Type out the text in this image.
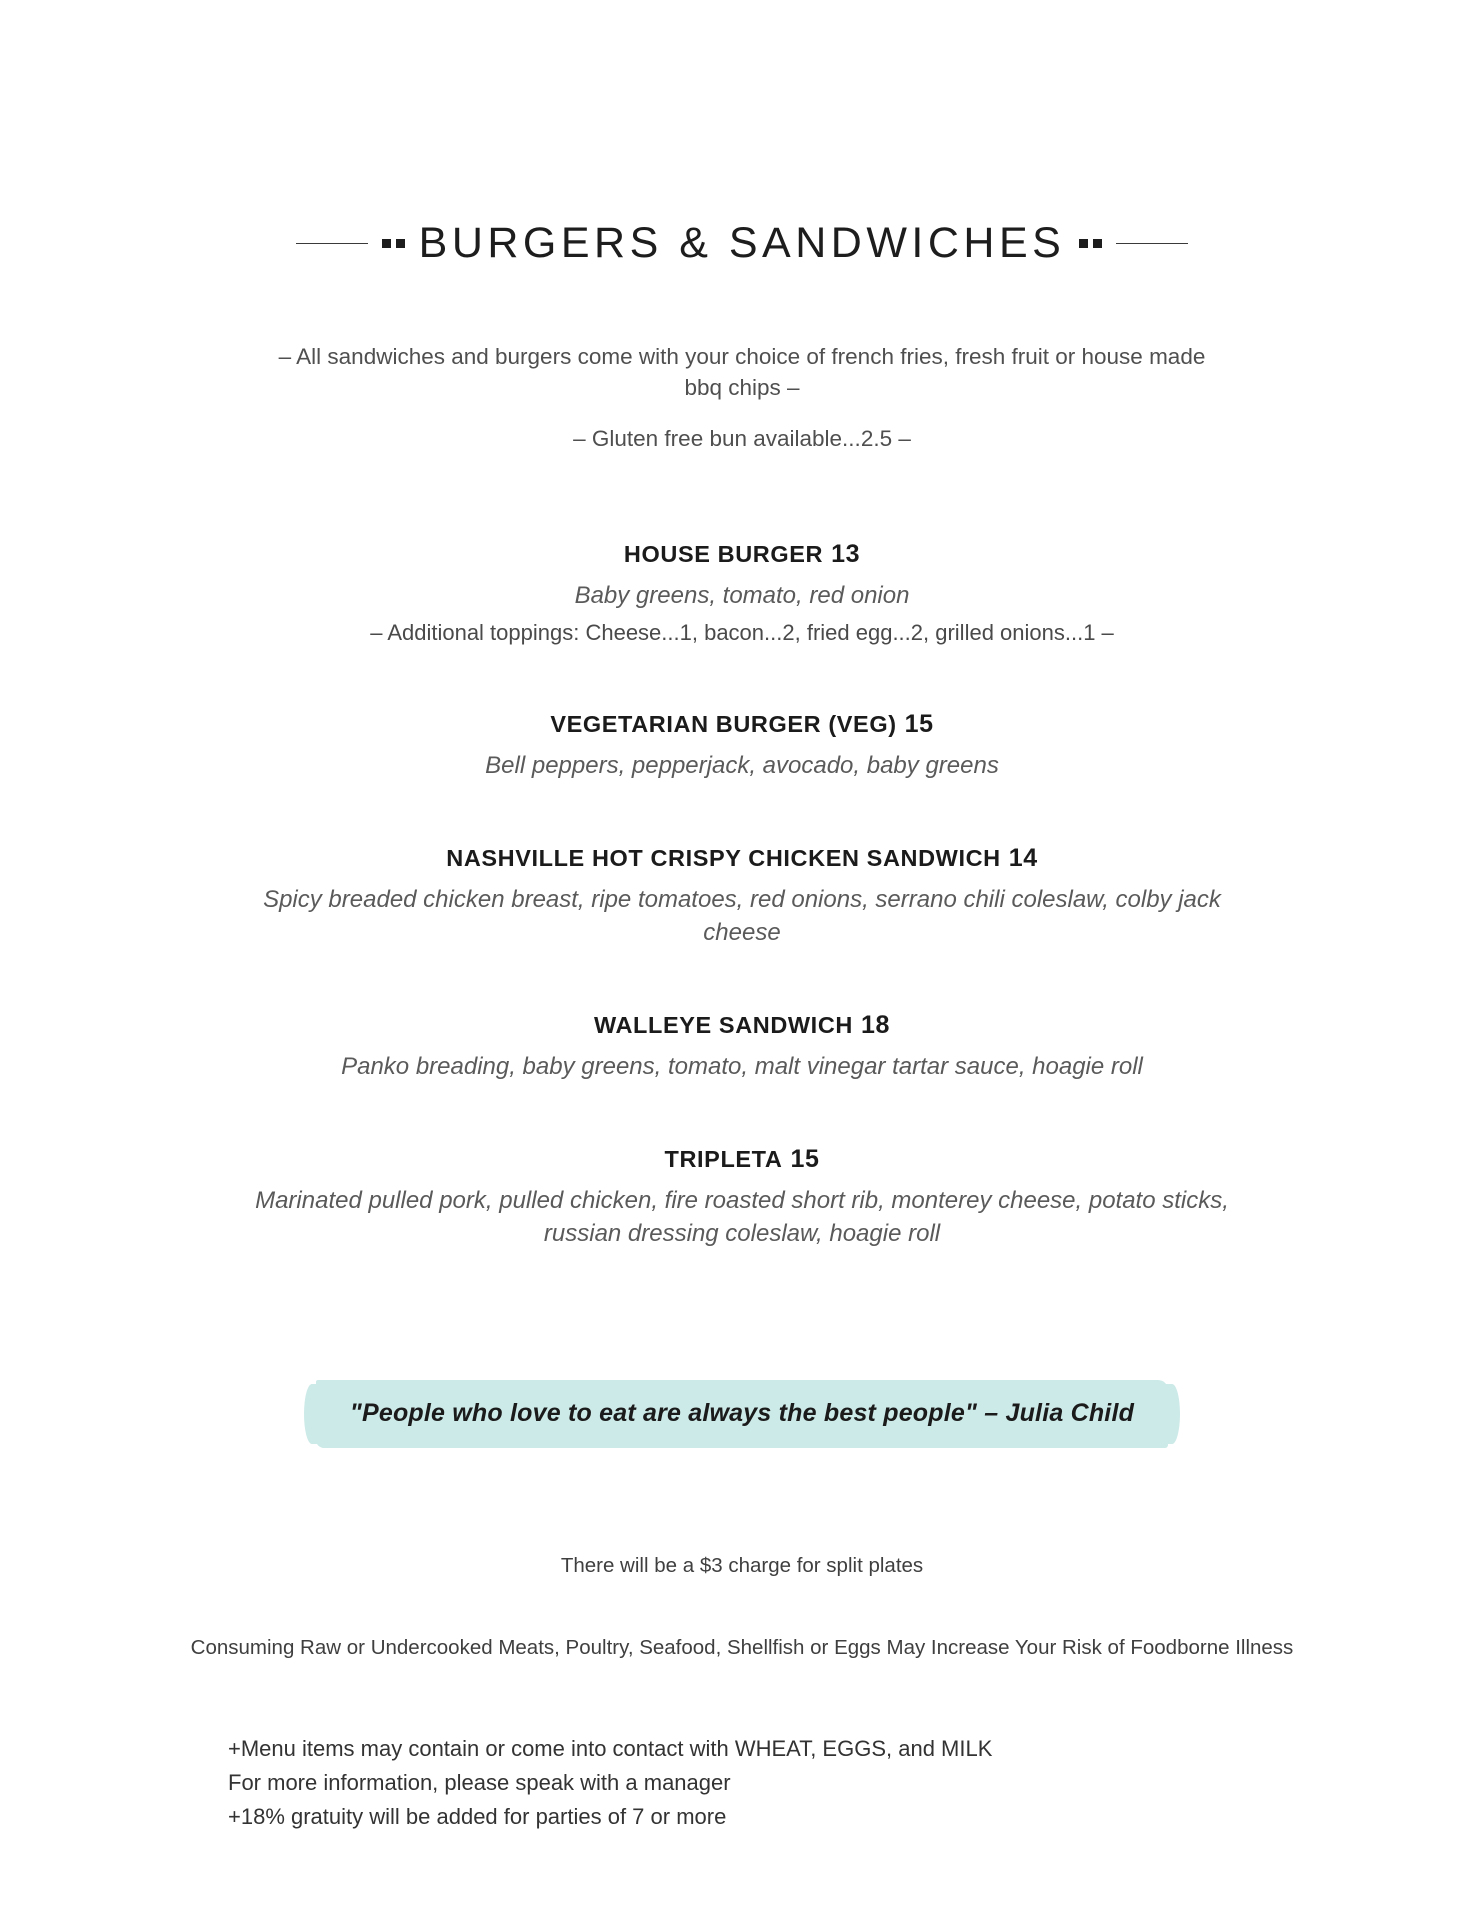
BURGERS & SANDWICHES
– All sandwiches and burgers come with your choice of french fries, fresh fruit or house made bbq chips –
– Gluten free bun available...2.5 –
HOUSE BURGER 13
Baby greens, tomato, red onion
– Additional toppings: Cheese...1, bacon...2, fried egg...2, grilled onions...1 –
VEGETARIAN BURGER (VEG) 15
Bell peppers, pepperjack, avocado, baby greens
NASHVILLE HOT CRISPY CHICKEN SANDWICH 14
Spicy breaded chicken breast, ripe tomatoes, red onions, serrano chili coleslaw, colby jack cheese
WALLEYE SANDWICH 18
Panko breading, baby greens, tomato, malt vinegar tartar sauce, hoagie roll
TRIPLETA 15
Marinated pulled pork, pulled chicken, fire roasted short rib, monterey cheese, potato sticks, russian dressing coleslaw, hoagie roll
"People who love to eat are always the best people" – Julia Child
There will be a $3 charge for split plates
Consuming Raw or Undercooked Meats, Poultry, Seafood, Shellfish or Eggs May Increase Your Risk of Foodborne Illness
+Menu items may contain or come into contact with WHEAT, EGGS, and MILK
For more information, please speak with a manager
+18% gratuity will be added for parties of 7 or more
